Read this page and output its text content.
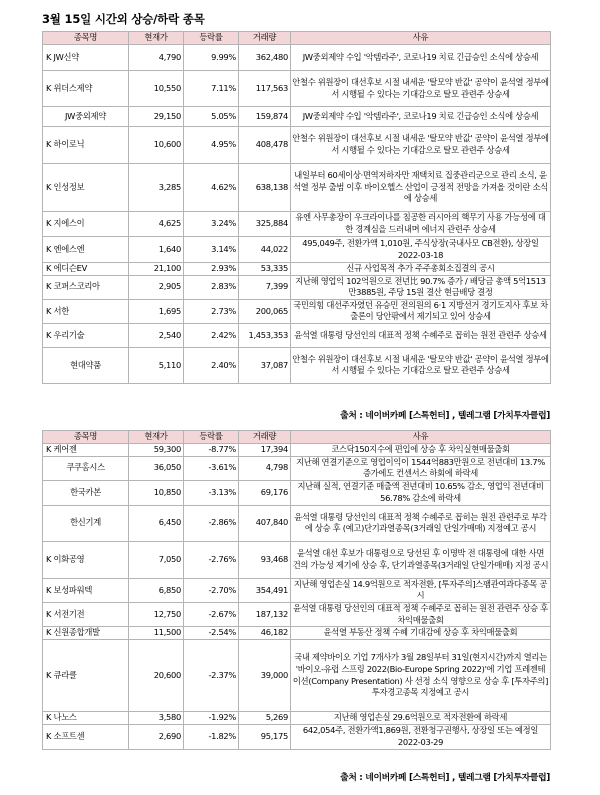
3월 15일 시간외 상승/하락 종목
종목명	현재가	등락률	거래량	사유
K JW신약	4,790	9.99%	362,480	JW중외제약 수입 '악템라주', 코로나19 치료 긴급승인 소식에 상승세
K 위더스제약	10,550	7.11%	117,563	안철수 위원장이 대선후보 시절 내세운 '탈모약 반값' 공약이 윤석열 정부에서 시행될 수 있다는 기대감으로 탈모 관련주 상승세
JW중외제약	29,150	5.05%	159,874	JW중외제약 수입 '악템라주', 코로나19 치료 긴급승인 소식에 상승세
K 하이로닉	10,600	4.95%	408,478	안철수 위원장이 대선후보 시절 내세운 '탈모약 반값' 공약이 윤석열 정부에서 시행될 수 있다는 기대감으로 탈모 관련주 상승세
K 인성정보	3,285	4.62%	638,138	내일부터 60세이상·면역저하자만 재택치료 집중관리군으로 관리 소식, 윤석열 정부 출범 이후 바이오헬스 산업이 긍정적 전망을 가져올 것이란 소식에 상승세
K 지에스이	4,625	3.24%	325,884	유엔 사무총장이 우크라이나를 침공한 러시아의 핵무기 사용 가능성에 대한 경계심을 드러내며 에너지 관련주 상승세
K 엔에스엔	1,640	3.14%	44,022	495,049주, 전환가액 1,010원, 주식상장(국내사모 CB전환), 상장일 2022-03-18
K 에디슨EV	21,100	2.93%	53,335	신규 사업목적 추가 주주총회소집결의 공시
K 코퍼스코리아	2,905	2.83%	7,399	지난해 영업익 102억원으로 전년比 90.7% 증가 / 배당금 총액 5억1513만3885원, 주당 15원 결산 현금배당 결정
K 서한	1,695	2.73%	200,065	국민의힘 대선주자였던 유승민 전의원의 6·1 지방선거 경기도지사 후보 차출론이 당안팎에서 제기되고 있어 상승세
K 우리기술	2,540	2.42%	1,453,353	윤석열 대통령 당선인의 대표적 정책 수혜주로 꼽히는 원전 관련주 상승세
현대약품	5,110	2.40%	37,087	안철수 위원장이 대선후보 시절 내세운 '탈모약 반값' 공약이 윤석열 정부에서 시행될 수 있다는 기대감으로 탈모 관련주 상승세
출처 : 네이버카페 [스톡헌터] , 텔레그램 [가치투자클럽]
종목명	현재가	등락률	거래량	사유
K 케어젠	59,300	-8.77%	17,394	코스닥150지수에 편입에 상승 후 차익실현매물출회
쿠쿠홈시스	36,050	-3.61%	4,798	지난해 연결기준으로 영업이익이 1544억883만원으로 전년대비 13.7% 증가에도 컨센서스 하회에 하락세
한국카본	10,850	-3.13%	69,176	지난해 실적, 연결기준 매출액 전년대비 10.65% 감소, 영업익 전년대비 56.78% 감소에 하락세
한신기계	6,450	-2.86%	407,840	윤석열 대통령 당선인의 대표적 정책 수혜주로 꼽히는 원전 관련주로 부각에 상승 후 (예고)단기과열종목(3거래일 단일가매매) 지정예고 공시
K 이화공영	7,050	-2.76%	93,468	윤석열 대선 후보가 대통령으로 당선된 후 이명박 전 대통령에 대한 사면 건의 가능성 제기에 상승 후, 단기과열종목(3거래일 단일가매매) 지정 공시
K 보성파워텍	6,850	-2.70%	354,491	지난해 영업손실 14.9억원으로 적자전환, [투자주의]스팸관여과다종목 공시
K 서전기전	12,750	-2.67%	187,132	윤석열 대통령 당선인의 대표적 정책 수혜주로 꼽히는 원전 관련주 상승 후 차익매물출회
K 신원종합개발	11,500	-2.54%	46,182	윤석열 부동산 정책 수혜 기대감에 상승 후 차익매물출회
K 큐라클	20,600	-2.37%	39,000	국내 제약바이오 기업 7개사가 3월 28일부터 31일(현지시간)까지 열리는 '바이오-유럽 스프링 2022(Bio-Europe Spring 2022)'에 기업 프레젠테이션(Company Presentation) 사 선정 소식 영향으로 상승 후 [투자주의]투자경고종목 지정예고 공시
K 나노스	3,580	-1.92%	5,269	지난해 영업손실 29.6억원으로 적자전환에 하락세
K 소프트센	2,690	-1.82%	95,175	642,054주, 전환가액1,869원, 전환청구권행사, 상장일 또는 예정일 2022-03-29
출처 : 네이버카페 [스톡헌터] , 텔레그램 [가치투자클럽]
